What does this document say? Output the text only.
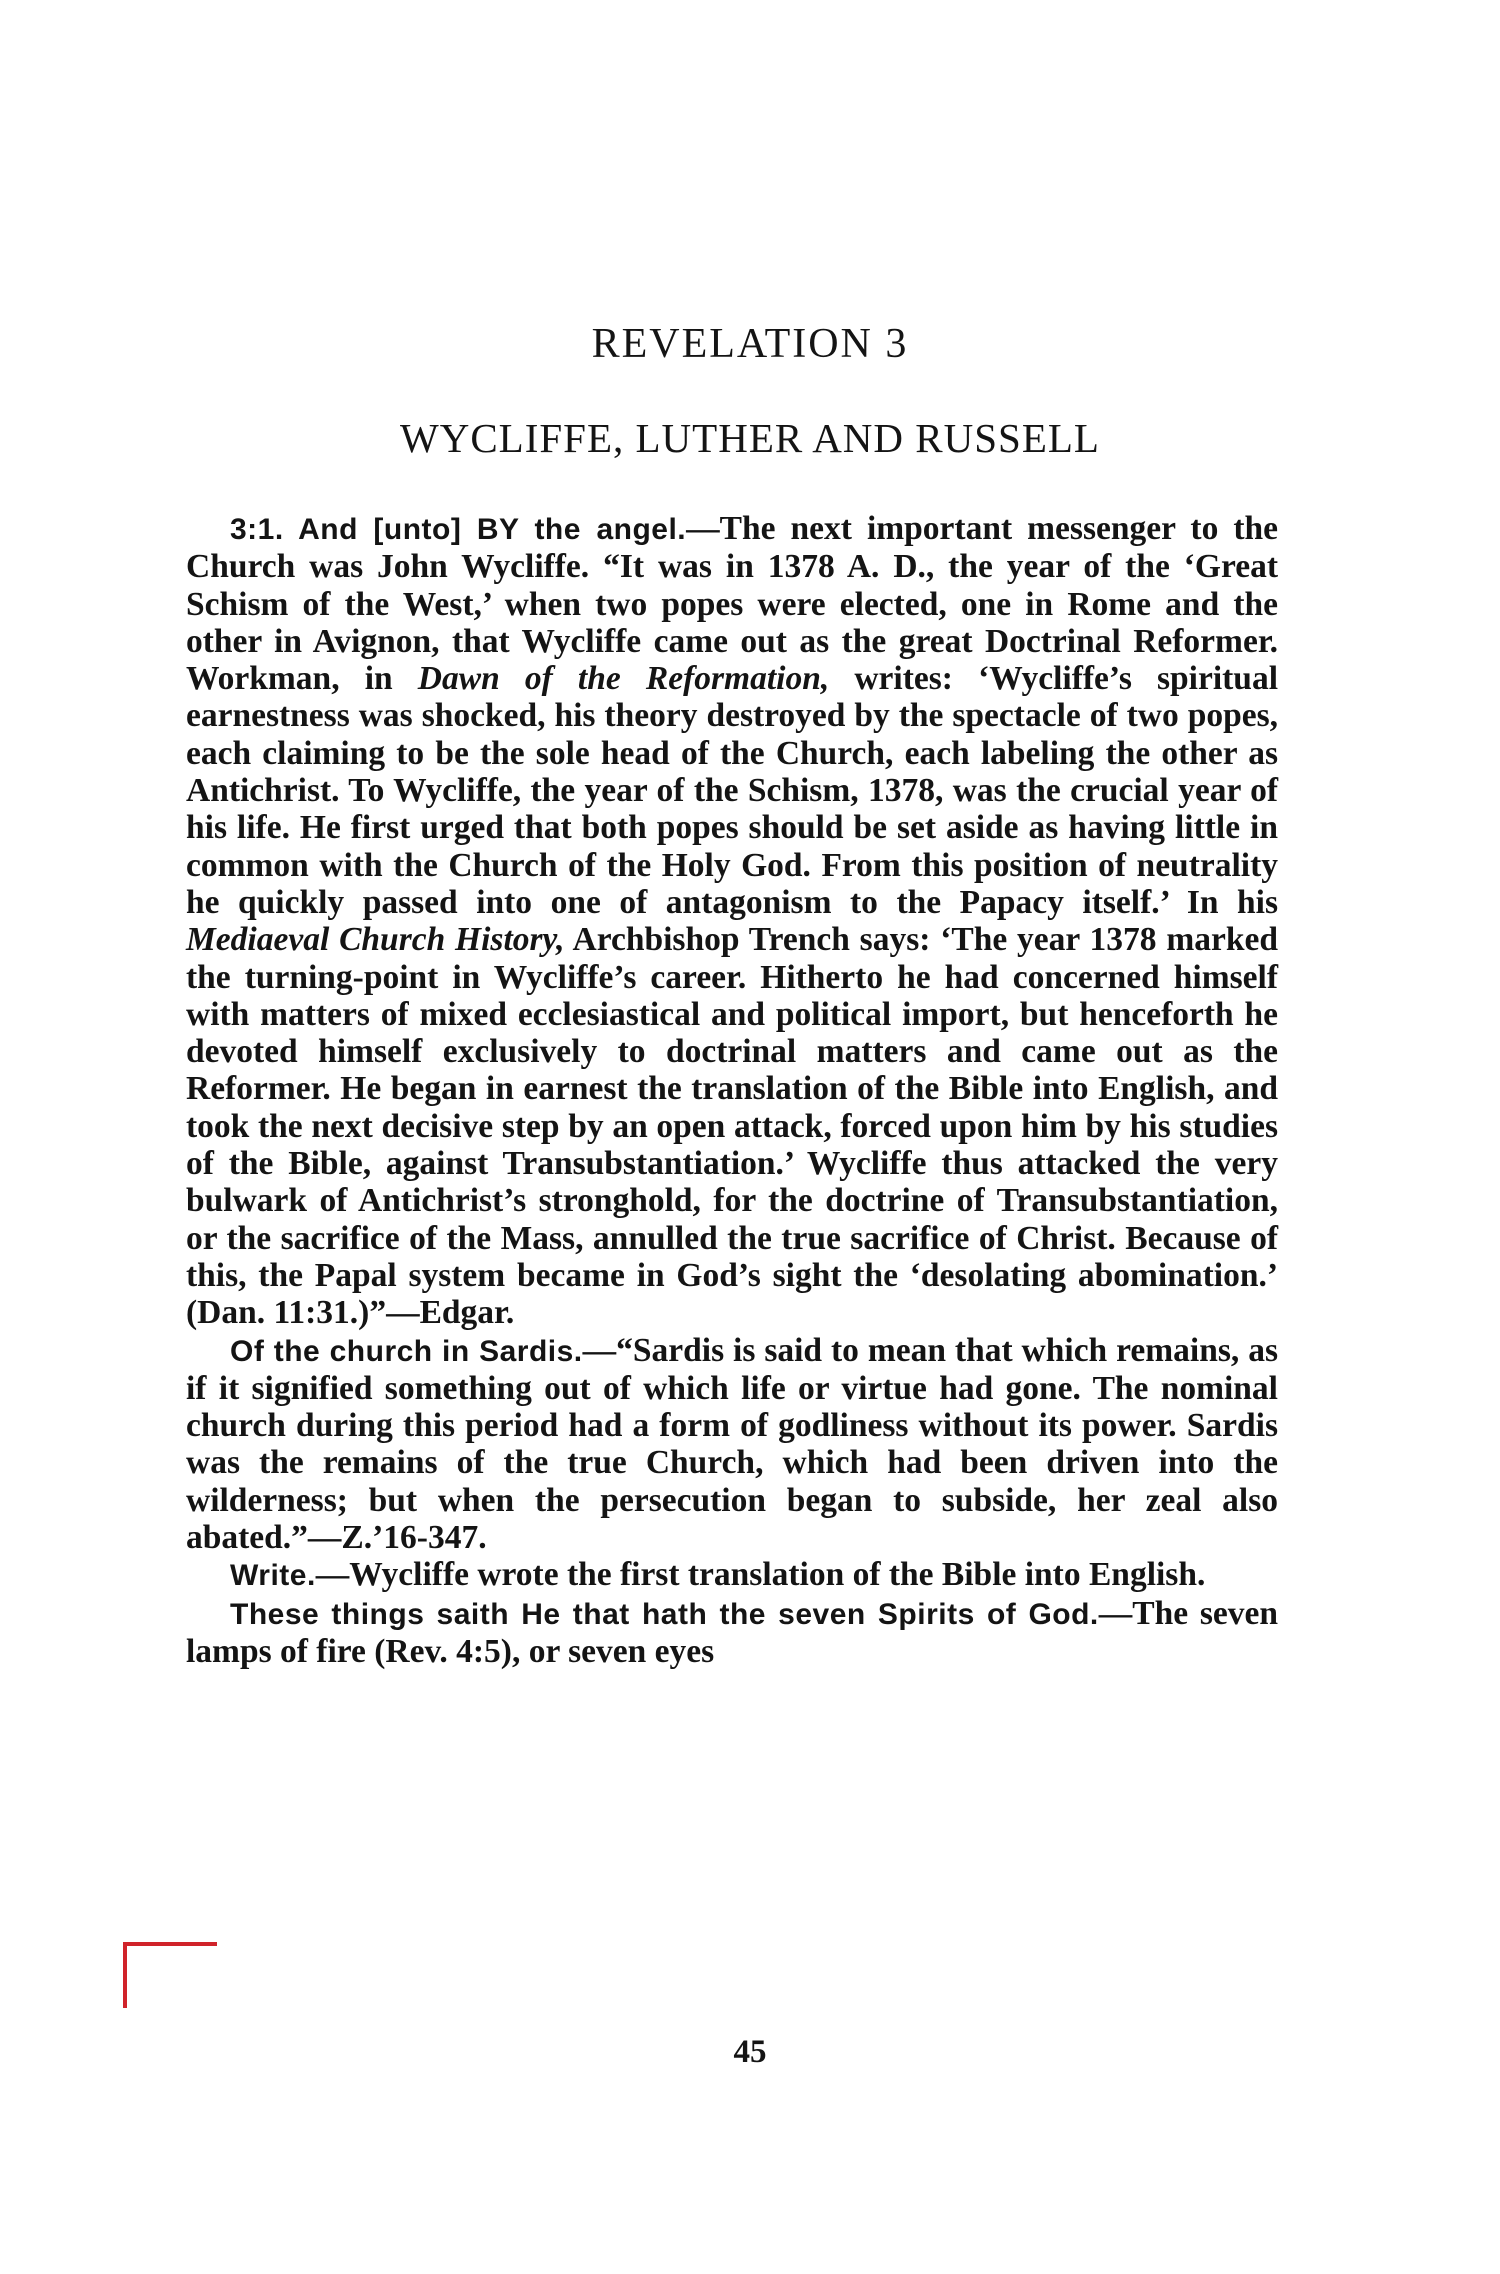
REVELATION 3
WYCLIFFE, LUTHER AND RUSSELL

3:1. And [unto] BY the angel.—The next important messenger to the Church was John Wycliffe. “It was in 1378 A. D., the year of the ‘Great Schism of the West,’ when two popes were elected, one in Rome and the other in Avignon, that Wycliffe came out as the great Doctrinal Reformer. Workman, in Dawn of the Reformation, writes: ‘Wycliffe’s spiritual earnestness was shocked, his theory destroyed by the spectacle of two popes, each claiming to be the sole head of the Church, each labeling the other as Antichrist. To Wycliffe, the year of the Schism, 1378, was the crucial year of his life. He first urged that both popes should be set aside as having little in common with the Church of the Holy God. From this position of neutrality he quickly passed into one of antagonism to the Papacy itself.’ In his Mediaeval Church History, Archbishop Trench says: ‘The year 1378 marked the turning-point in Wycliffe’s career. Hitherto he had concerned himself with matters of mixed ecclesiastical and political import, but henceforth he devoted himself exclusively to doctrinal matters and came out as the Reformer. He began in earnest the translation of the Bible into English, and took the next decisive step by an open attack, forced upon him by his studies of the Bible, against Transubstantiation.’ Wycliffe thus attacked the very bulwark of Antichrist’s stronghold, for the doctrine of Transubstantiation, or the sacrifice of the Mass, annulled the true sacrifice of Christ. Because of this, the Papal system became in God’s sight the ‘desolating abomination.’ (Dan. 11:31.)”—Edgar.

Of the church in Sardis.—“Sardis is said to mean that which remains, as if it signified something out of which life or virtue had gone. The nominal church during this period had a form of godliness without its power. Sardis was the remains of the true Church, which had been driven into the wilderness; but when the persecution began to subside, her zeal also abated.”—Z.’16-347.

Write.—Wycliffe wrote the first translation of the Bible into English.

These things saith He that hath the seven Spirits of God.—The seven lamps of fire (Rev. 4:5), or seven eyes

45
